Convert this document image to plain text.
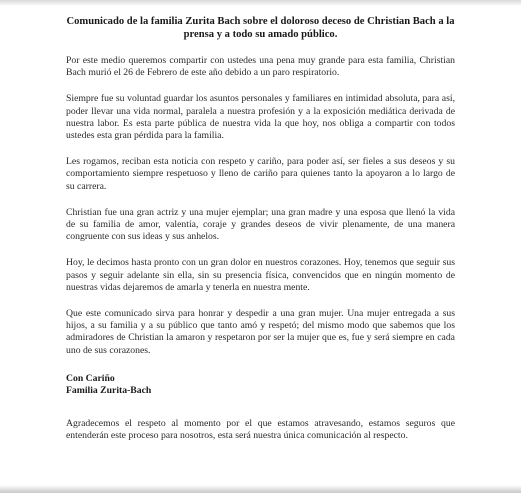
Comunicado de la familia Zurita Bach sobre el doloroso deceso de Christian Bach a la prensa y a todo su amado público.

Por este medio queremos compartir con ustedes una pena muy grande para esta familia, Christian Bach murió el 26 de Febrero de este año debido a un paro respiratorio.

Siempre fue su voluntad guardar los asuntos personales y familiares en intimidad absoluta, para así, poder llevar una vida normal, paralela a nuestra profesión y a la exposición mediática derivada de nuestra labor. Es esta parte pública de nuestra vida la que hoy, nos obliga a compartir con todos ustedes esta gran pérdida para la familia.

Les rogamos, reciban esta noticia con respeto y cariño, para poder así, ser fieles a sus deseos y su comportamiento siempre respetuoso y lleno de cariño para quienes tanto la apoyaron a lo largo de su carrera.

Christian fue una gran actriz y una mujer ejemplar; una gran madre y una esposa que llenó la vida de su familia de amor, valentía, coraje y grandes deseos de vivir plenamente, de una manera congruente con sus ideas y sus anhelos.

Hoy, le decimos hasta pronto con un gran dolor en nuestros corazones. Hoy, tenemos que seguir sus pasos y seguir adelante sin ella, sin su presencia física, convencidos que en ningún momento de nuestras vidas dejaremos de amarla y tenerla en nuestra mente.

Que este comunicado sirva para honrar y despedir a una gran mujer. Una mujer entregada a sus hijos, a su familia y a su público que tanto amó y respetó; del mismo modo que sabemos que los admiradores de Christian la amaron y respetaron por ser la mujer que es, fue y será siempre en cada uno de sus corazones.

Con Cariño
Familia Zurita-Bach

Agradecemos el respeto al momento por el que estamos atravesando, estamos seguros que entenderán este proceso para nosotros, esta será nuestra única comunicación al respecto.
